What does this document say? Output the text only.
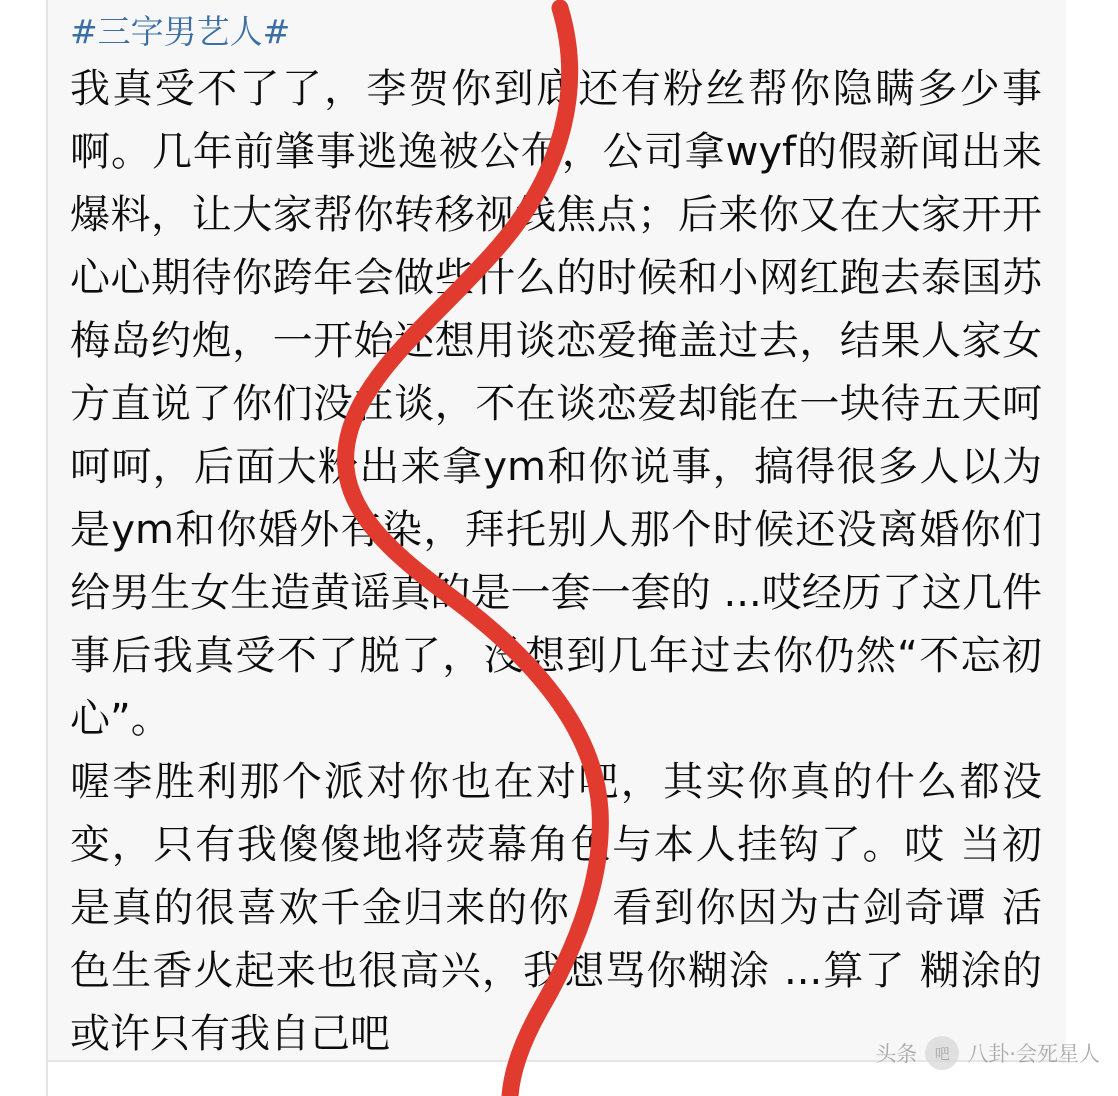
#三字男艺人#

我真受不了了，李贺你到底还有粉丝帮你隐瞒多少事啊。几年前肇事逃逸被公布，公司拿wyf的假新闻出来爆料，让大家帮你转移视线焦点；后来你又在大家开开心心期待你跨年会做些什么的时候和小网红跑去泰国苏梅岛约炮，一开始还想用谈恋爱掩盖过去，结果人家女方直说了你们没在谈，不在谈恋爱却能在一块待五天呵呵呵，后面大粉出来拿ym和你说事，搞得很多人以为是ym和你婚外有染，拜托别人那个时候还没离婚你们给男生女生造黄谣真的是一套一套的 ...哎经历了这几件事后我真受不了脱了，没想到几年过去你仍然“不忘初心”。

喔李胜利那个派对你也在对吧，其实你真的什么都没变，只有我傻傻地将荧幕角色与本人挂钩了。哎 当初是真的很喜欢千金归来的你，看到你因为古剑奇谭 活色生香火起来也很高兴，我想骂你糊涂 ...算了 糊涂的或许只有我自己吧	头条	吧 八卦·会死星人
